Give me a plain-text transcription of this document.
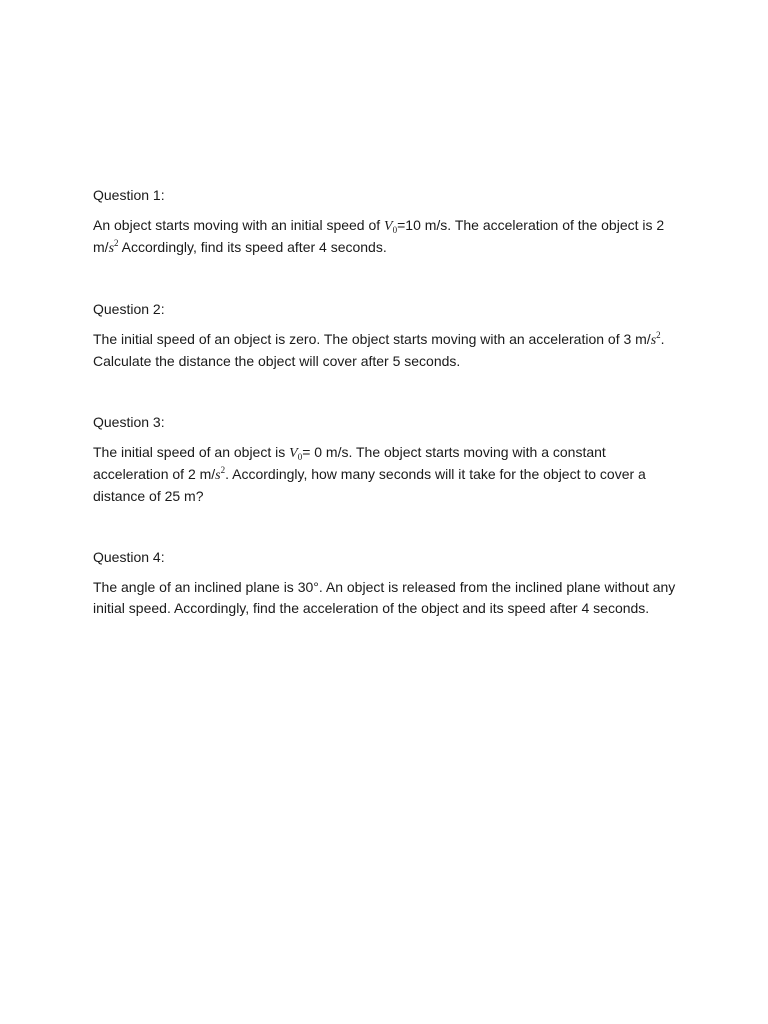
Question 1:

An object starts moving with an initial speed of $V_0=10$ m/s. The acceleration of the object is 2 $m/s^2$ Accordingly, find its speed after 4 seconds.

Question 2:

The initial speed of an object is zero. The object starts moving with an acceleration of 3 $m/s^2$. Calculate the distance the object will cover after 5 seconds.

Question 3:

The initial speed of an object is $V_0= 0$ m/s. The object starts moving with a constant acceleration of 2 $m/s^2$. Accordingly, how many seconds will it take for the object to cover a distance of 25 m?

Question 4:

The angle of an inclined plane is 30°. An object is released from the inclined plane without any initial speed. Accordingly, find the acceleration of the object and its speed after 4 seconds.
